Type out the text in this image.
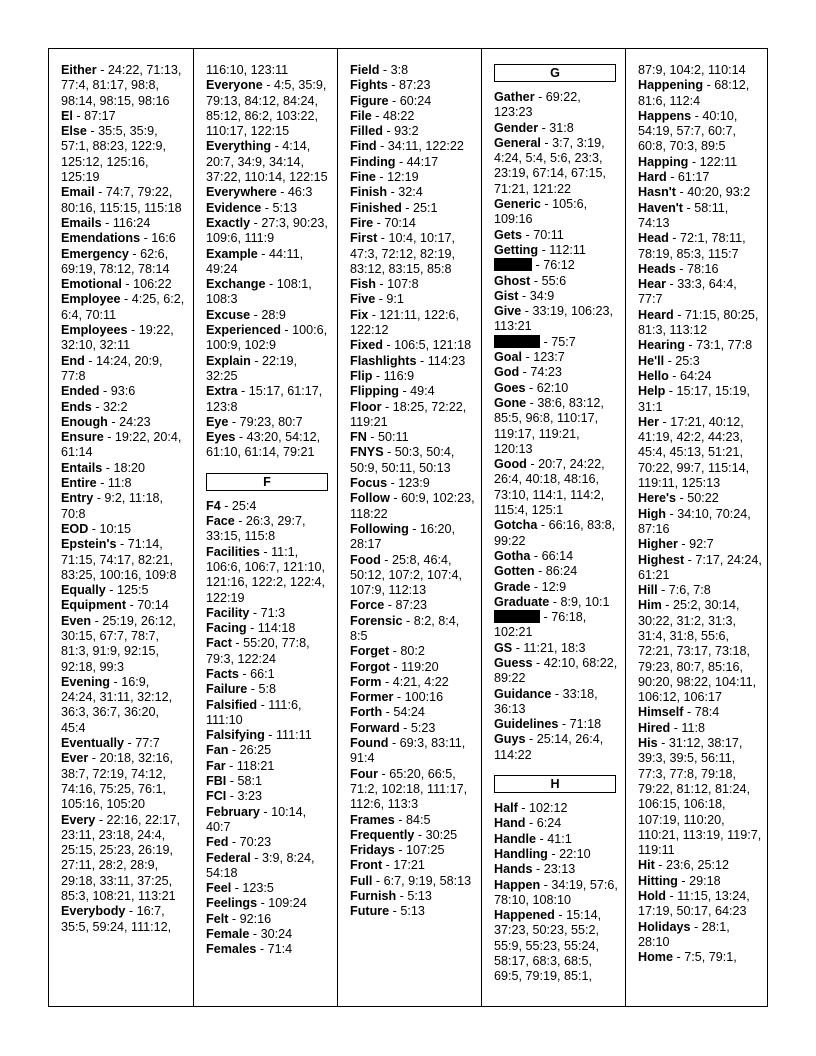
Either - 24:22, 71:13, 77:4, 81:17, 98:8, 98:14, 98:15, 98:16

El - 87:17

Else - 35:5, 35:9, 57:1, 88:23, 122:9, 125:12, 125:16, 125:19

Email - 74:7, 79:22, 80:16, 115:15, 115:18

Emails - 116:24

Emendations - 16:6

Emergency - 62:6, 69:19, 78:12, 78:14

Emotional - 106:22

Employee - 4:25, 6:2, 6:4, 70:11

Employees - 19:22, 32:10, 32:11

End - 14:24, 20:9, 77:8

Ended - 93:6

Ends - 32:2

Enough - 24:23

Ensure - 19:22, 20:4, 61:14

Entails - 18:20

Entire - 11:8

Entry - 9:2, 11:18, 70:8

EOD - 10:15

Epstein's - 71:14, 71:15, 74:17, 82:21, 83:25, 100:16, 109:8

Equally - 125:5

Equipment - 70:14

Even - 25:19, 26:12, 30:15, 67:7, 78:7, 81:3, 91:9, 92:15, 92:18, 99:3

Evening - 16:9, 24:24, 31:11, 32:12, 36:3, 36:7, 36:20, 45:4

Eventually - 77:7

Ever - 20:18, 32:16, 38:7, 72:19, 74:12, 74:16, 75:25, 76:1, 105:16, 105:20

Every - 22:16, 22:17, 23:11, 23:18, 24:4, 25:15, 25:23, 26:19, 27:11, 28:2, 28:9, 29:18, 33:11, 37:25, 85:3, 108:21, 113:21

Everybody - 16:7, 35:5, 59:24, 111:12,

116:10, 123:11

Everyone - 4:5, 35:9, 79:13, 84:12, 84:24, 85:12, 86:2, 103:22, 110:17, 122:15

Everything - 4:14, 20:7, 34:9, 34:14, 37:22, 110:14, 122:15

Everywhere - 46:3

Evidence - 5:13

Exactly - 27:3, 90:23, 109:6, 111:9

Example - 44:11, 49:24

Exchange - 108:1, 108:3

Excuse - 28:9

Experienced - 100:6, 100:9, 102:9

Explain - 22:19, 32:25

Extra - 15:17, 61:17, 123:8

Eye - 79:23, 80:7

Eyes - 43:20, 54:12, 61:10, 61:14, 79:21

F

F4 - 25:4

Face - 26:3, 29:7, 33:15, 115:8

Facilities - 11:1, 106:6, 106:7, 121:10, 121:16, 122:2, 122:4, 122:19

Facility - 71:3

Facing - 114:18

Fact - 55:20, 77:8, 79:3, 122:24

Facts - 66:1

Failure - 5:8

Falsified - 111:6, 111:10

Falsifying - 111:11

Fan - 26:25

Far - 118:21

FBI - 58:1

FCI - 3:23

February - 10:14, 40:7

Fed - 70:23

Federal - 3:9, 8:24, 54:18

Feel - 123:5

Feelings - 109:24

Felt - 92:16

Female - 30:24

Females - 71:4

Field - 3:8

Fights - 87:23

Figure - 60:24

File - 48:22

Filled - 93:2

Find - 34:11, 122:22

Finding - 44:17

Fine - 12:19

Finish - 32:4

Finished - 25:1

Fire - 70:14

First - 10:4, 10:17, 47:3, 72:12, 82:19, 83:12, 83:15, 85:8

Fish - 107:8

Five - 9:1

Fix - 121:11, 122:6, 122:12

Fixed - 106:5, 121:18

Flashlights - 114:23

Flip - 116:9

Flipping - 49:4

Floor - 18:25, 72:22, 119:21

FN - 50:11

FNYS - 50:3, 50:4, 50:9, 50:11, 50:13

Focus - 123:9

Follow - 60:9, 102:23, 118:22

Following - 16:20, 28:17

Food - 25:8, 46:4, 50:12, 107:2, 107:4, 107:9, 112:13

Force - 87:23

Forensic - 8:2, 8:4, 8:5

Forget - 80:2

Forgot - 119:20

Form - 4:21, 4:22

Former - 100:16

Forth - 54:24

Forward - 5:23

Found - 69:3, 83:11, 91:4

Four - 65:20, 66:5, 71:2, 102:18, 111:17, 112:6, 113:3

Frames - 84:5

Frequently - 30:25

Fridays - 107:25

Front - 17:21

Full - 6:7, 9:19, 58:13

Furnish - 5:13

Future - 5:13

G

Gather - 69:22, 123:23

Gender - 31:8

General - 3:7, 3:19, 4:24, 5:4, 5:6, 23:3, 23:19, 67:14, 67:15, 71:21, 121:22

Generic - 105:6, 109:16

Gets - 70:11

Getting - 112:11

- 76:12

Ghost - 55:6

Gist - 34:9

Give - 33:19, 106:23, 113:21

- 75:7

Goal - 123:7

God - 74:23

Goes - 62:10

Gone - 38:6, 83:12, 85:5, 96:8, 110:17, 119:17, 119:21, 120:13

Good - 20:7, 24:22, 26:4, 40:18, 48:16, 73:10, 114:1, 114:2, 115:4, 125:1

Gotcha - 66:16, 83:8, 99:22

Gotha - 66:14

Gotten - 86:24

Grade - 12:9

Graduate - 8:9, 10:1

- 76:18, 102:21

GS - 11:21, 18:3

Guess - 42:10, 68:22, 89:22

Guidance - 33:18, 36:13

Guidelines - 71:18

Guys - 25:14, 26:4, 114:22

H

Half - 102:12

Hand - 6:24

Handle - 41:1

Handling - 22:10

Hands - 23:13

Happen - 34:19, 57:6, 78:10, 108:10

Happened - 15:14, 37:23, 50:23, 55:2, 55:9, 55:23, 55:24, 58:17, 68:3, 68:5, 69:5, 79:19, 85:1,

87:9, 104:2, 110:14

Happening - 68:12, 81:6, 112:4

Happens - 40:10, 54:19, 57:7, 60:7, 60:8, 70:3, 89:5

Happing - 122:11

Hard - 61:17

Hasn't - 40:20, 93:2

Haven't - 58:11, 74:13

Head - 72:1, 78:11, 78:19, 85:3, 115:7

Heads - 78:16

Hear - 33:3, 64:4, 77:7

Heard - 71:15, 80:25, 81:3, 113:12

Hearing - 73:1, 77:8

He'll - 25:3

Hello - 64:24

Help - 15:17, 15:19, 31:1

Her - 17:21, 40:12, 41:19, 42:2, 44:23, 45:4, 45:13, 51:21, 70:22, 99:7, 115:14, 119:11, 125:13

Here's - 50:22

High - 34:10, 70:24, 87:16

Higher - 92:7

Highest - 7:17, 24:24, 61:21

Hill - 7:6, 7:8

Him - 25:2, 30:14, 30:22, 31:2, 31:3, 31:4, 31:8, 55:6, 72:21, 73:17, 73:18, 79:23, 80:7, 85:16, 90:20, 98:22, 104:11, 106:12, 106:17

Himself - 78:4

Hired - 11:8

His - 31:12, 38:17, 39:3, 39:5, 56:11, 77:3, 77:8, 79:18, 79:22, 81:12, 81:24, 106:15, 106:18, 107:19, 110:20, 110:21, 113:19, 119:7, 119:11

Hit - 23:6, 25:12

Hitting - 29:18

Hold - 11:15, 13:24, 17:19, 50:17, 64:23

Holidays - 28:1, 28:10

Home - 7:5, 79:1,
